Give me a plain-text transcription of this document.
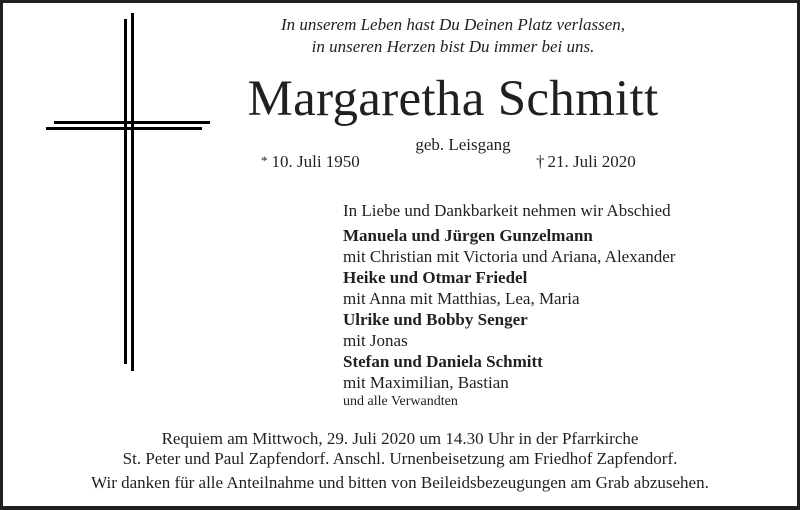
In unserem Leben hast Du Deinen Platz verlassen,
in unseren Herzen bist Du immer bei uns.
Margaretha Schmitt
geb. Leisgang
* 10. Juli 1950	† 21. Juli 2020
In Liebe und Dankbarkeit nehmen wir Abschied
Manuela und Jürgen Gunzelmann
mit Christian mit Victoria und Ariana, Alexander
Heike und Otmar Friedel
mit Anna mit Matthias, Lea, Maria
Ulrike und Bobby Senger
mit Jonas
Stefan und Daniela Schmitt
mit Maximilian, Bastian
und alle Verwandten
Requiem am Mittwoch, 29. Juli 2020 um 14.30 Uhr in der Pfarrkirche
St. Peter und Paul Zapfendorf. Anschl. Urnenbeisetzung am Friedhof Zapfendorf.
Wir danken für alle Anteilnahme und bitten von Beileidsbezeugungen am Grab abzusehen.
